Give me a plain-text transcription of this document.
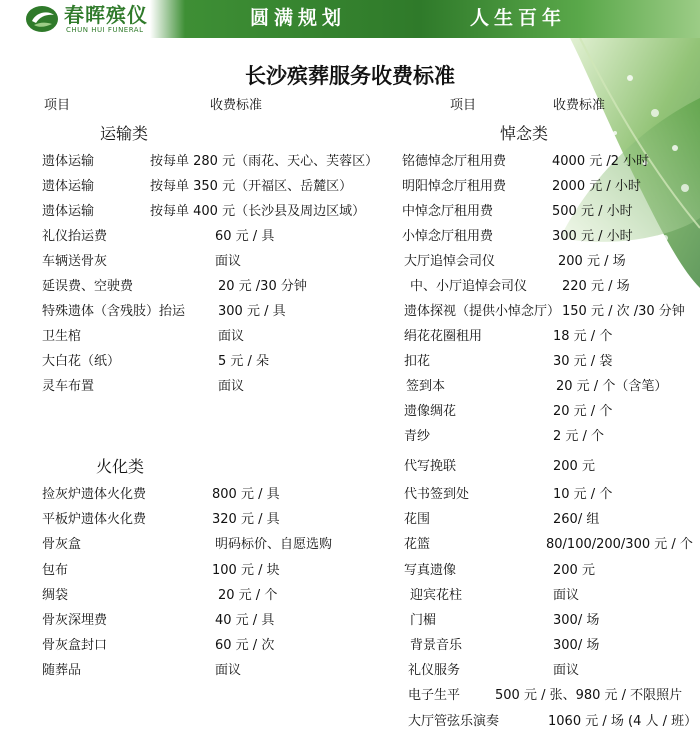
春晖殡仪
CHUN HUI FUNERAL
圆满规划	人生百年
长沙殡葬服务收费标准
项目	收费标准	项目	收费标准
运输类	悼念类
火化类
遗体运输	按每单 280 元（雨花、天心、芙蓉区）
遗体运输	按每单 350 元（开福区、岳麓区）
遗体运输	按每单 400 元（长沙县及周边区域）
礼仪抬运费	60 元 / 具
车辆送骨灰	面议
延误费、空驶费	20 元 /30 分钟
特殊遗体（含残肢）抬运	300 元 / 具
卫生棺	面议
大白花（纸）	5 元 / 朵
灵车布置	面议
捡灰炉遗体火化费	800 元 / 具
平板炉遗体火化费	320 元 / 具
骨灰盒	明码标价、自愿选购
包布	100 元 / 块
绸袋	20 元 / 个
骨灰深埋费	40 元 / 具
骨灰盒封口	60 元 / 次
随葬品	面议
铭德悼念厅租用费	4000 元 /2 小时
明阳悼念厅租用费	2000 元 / 小时
中悼念厅租用费	500 元 / 小时
小悼念厅租用费	300 元 / 小时
大厅追悼会司仪	200 元 / 场
中、小厅追悼会司仪	220 元 / 场
遗体探视（提供小悼念厅） 150 元 / 次 /30 分钟
绢花花圈租用	18 元 / 个
扣花	30 元 / 袋
签到本	20 元 / 个（含笔）
遗像绸花	20 元 / 个
青纱	2 元 / 个
代写挽联	200 元
代书签到处	10 元 / 个
花围	260/ 组
花篮	80/100/200/300 元 / 个
写真遗像	200 元
迎宾花柱	面议
门楣	300/ 场
背景音乐	300/ 场
礼仪服务	面议
电子生平	500 元 / 张、980 元 / 不限照片
大厅管弦乐演奏	1060 元 / 场 (4 人 / 班）
